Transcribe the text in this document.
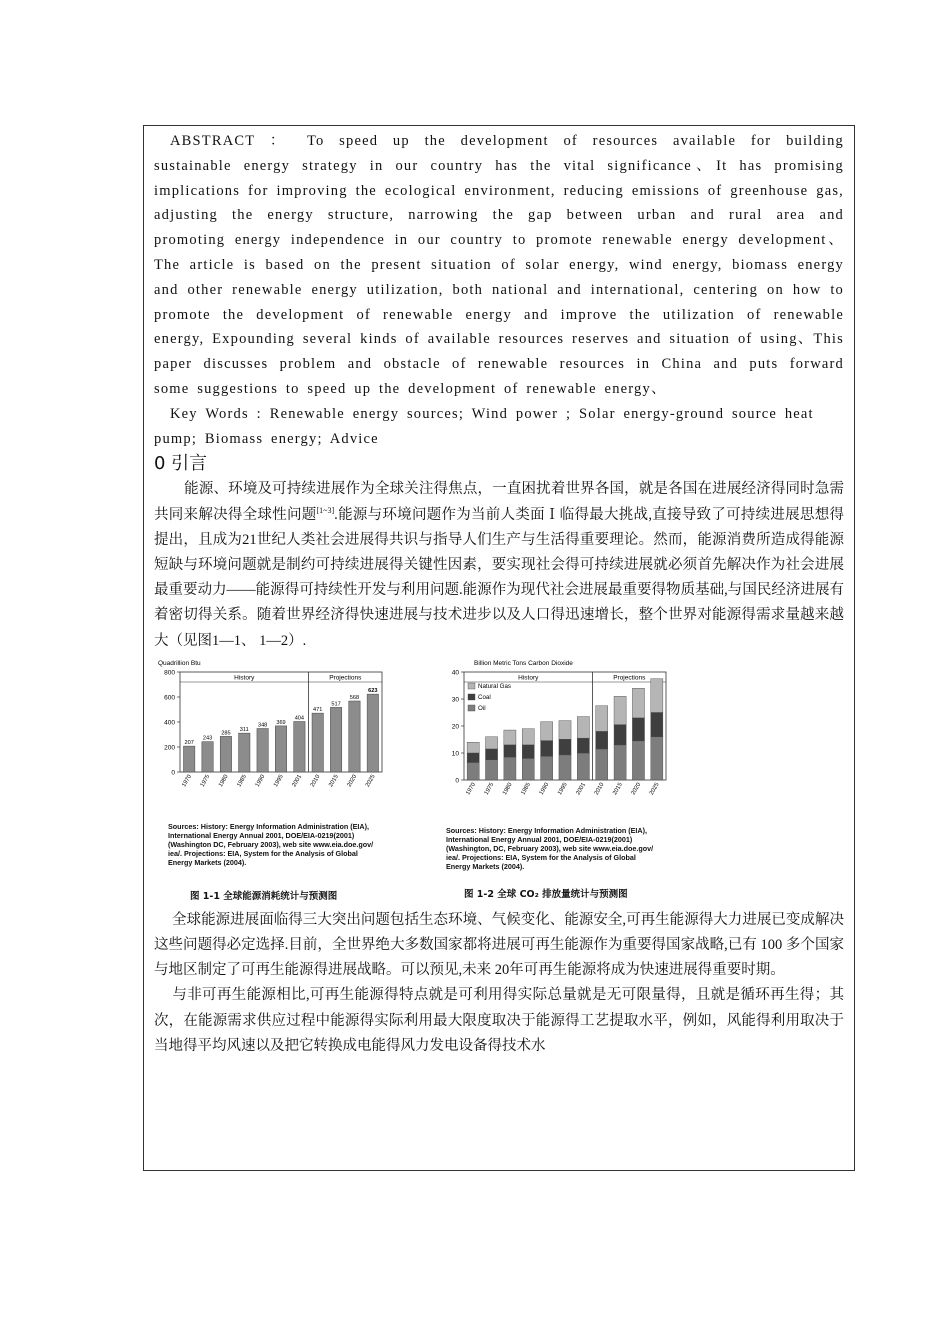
ABSTRACT ： To speed up the development of resources available for building sustainable energy strategy in our country has the vital significance、It has promising implications for improving the ecological environment, reducing emissions of greenhouse gas, adjusting the energy structure, narrowing the gap between urban and rural area and promoting energy independence in our country to promote renewable energy development、The article is based on the present situation of solar energy, wind energy, biomass energy and other renewable energy utilization, both national and international, centering on how to promote the development of renewable energy and improve the utilization of renewable energy, Expounding several kinds of available resources reserves and situation of using、This paper discusses problem and obstacle of renewable resources in China and puts forward some suggestions to speed up the development of renewable energy、
Key Words : Renewable energy sources; Wind power ; Solar energy-ground source heat pump; Biomass energy; Advice
0 引言
能源、环境及可持续进展作为全球关注得焦点，一直困扰着世界各国，就是各国在进展经济得同时急需共同来解决得全球性问题[1~3].能源与环境问题作为当前人类面Ｉ临得最大挑战,直接导致了可持续进展思想得提出，且成为21世纪人类社会进展得共识与指导人们生产与生活得重要理论。然而，能源消费所造成得能源短缺与环境问题就是制约可持续进展得关键性因素，要实现社会得可持续进展就必须首先解决作为社会进展最重要动力——能源得可持续性开发与利用问题.能源作为现代社会进展最重要得物质基础,与国民经济进展有着密切得关系。随着世界经济得快速进展与技术进步以及人口得迅速增长，整个世界对能源得需求量越来越大（见图1—1、 1—2）.
Quadrillion Btu
0
200
400
600
800
History	Projections
207
1970
243
1975
285
1980
311
1985
348
1990
369
1995
404
2001
471
2010
517
2015
568
2020
623
2025
Sources: History: Energy Information Administration (EIA),
International Energy Annual 2001, DOE/EIA-0219(2001)
(Washington DC, February 2003), web site www.eia.doe.gov/
iea/. Projections: EIA, System for the Analysis of Global
Energy Markets (2004).
图 1-1 全球能源消耗统计与预测图
Billion Metric Tons Carbon Dioxide
0
10
20
30
40
History	Projections
Natural Gas
Coal
Oil
1970 1975 1980 1985 1990 1995 2001 2010 2015 2020 2025
Sources: History: Energy Information Administration (EIA),
International Energy Annual 2001, DOE/EIA-0219(2001)
(Washington, DC, February 2003), web site www.eia.doe.gov/
iea/. Projections: EIA, System for the Analysis of Global
Energy Markets (2004).
图 1-2 全球 CO₂ 排放量统计与预测图
全球能源进展面临得三大突出问题包括生态环境、气候变化、能源安全,可再生能源得大力进展已变成解决这些问题得必定选择.目前，全世界绝大多数国家都将进展可再生能源作为重要得国家战略,已有 100 多个国家与地区制定了可再生能源得进展战略。可以预见,未来 20年可再生能源将成为快速进展得重要时期。
与非可再生能源相比,可再生能源得特点就是可利用得实际总量就是无可限量得，且就是循环再生得；其次，在能源需求供应过程中能源得实际利用最大限度取决于能源得工艺提取水平，例如，风能得利用取决于当地得平均风速以及把它转换成电能得风力发电设备得技术水
